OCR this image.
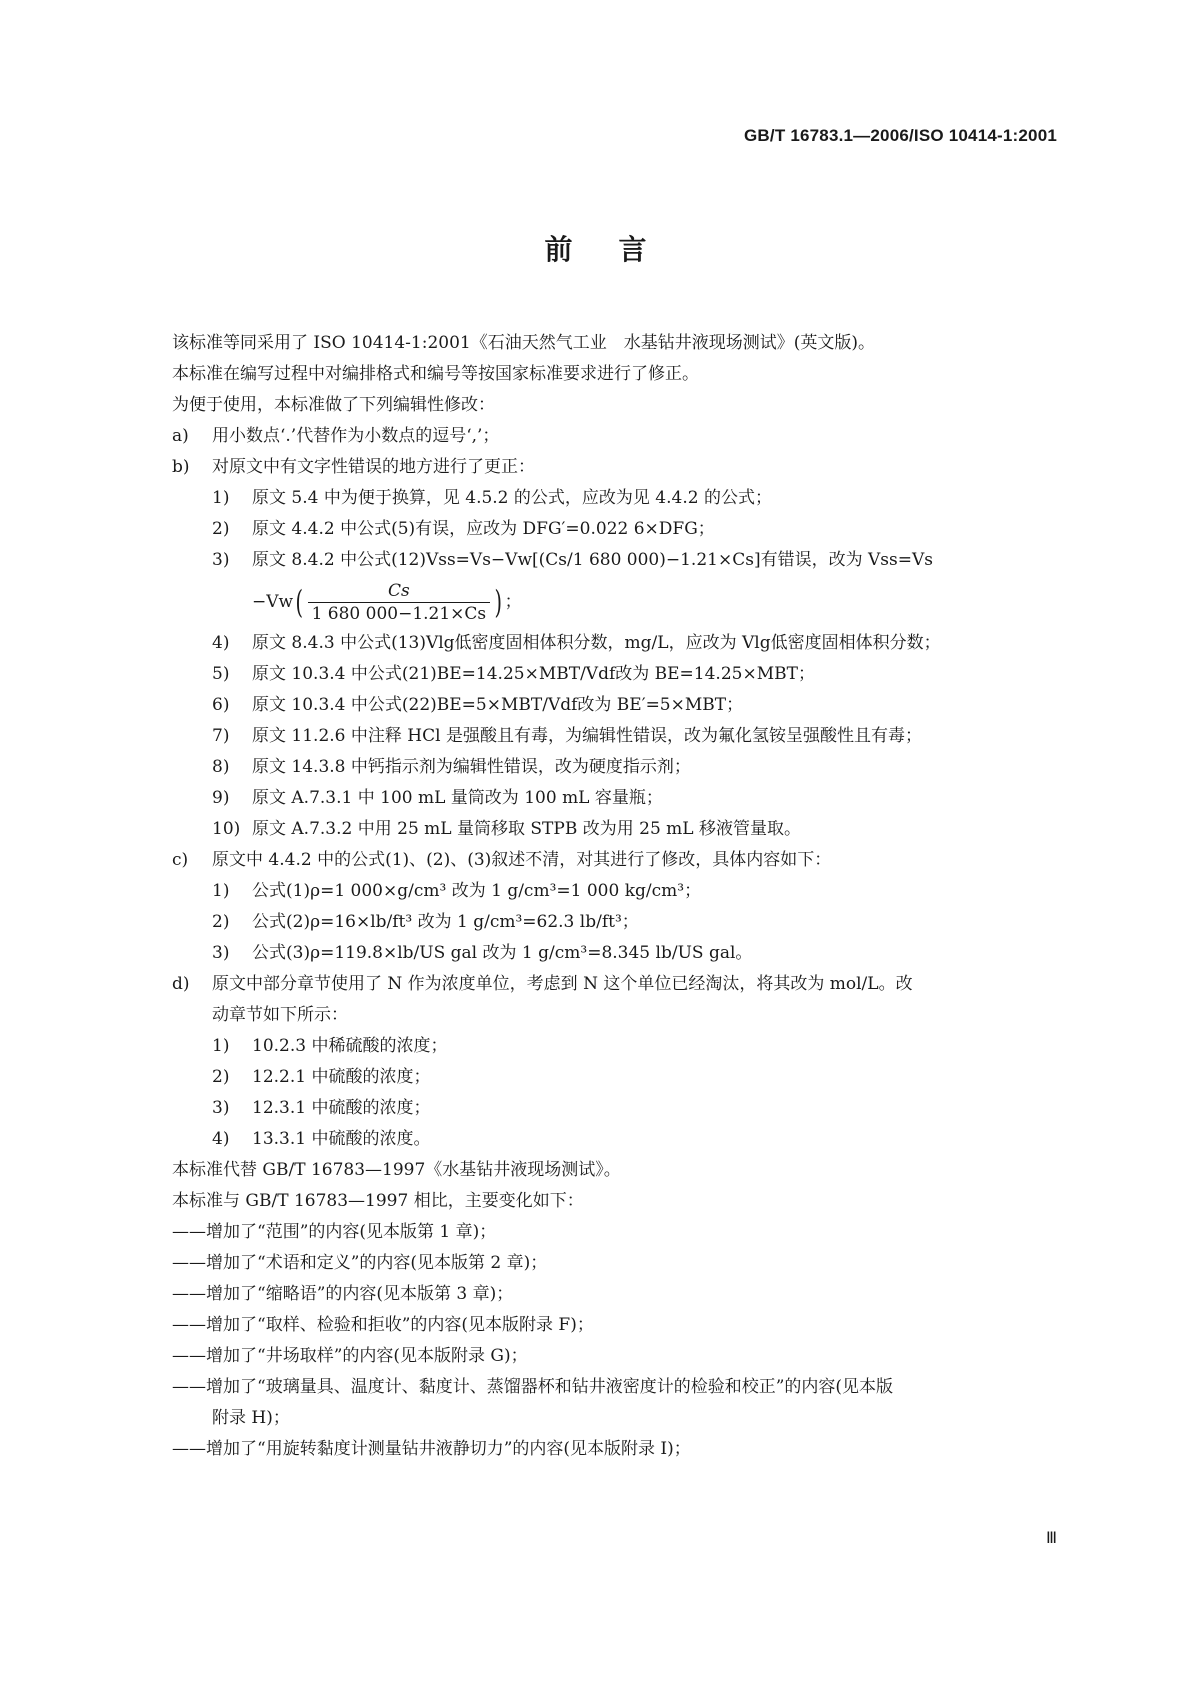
GB/T 16783.1—2006/ISO 10414-1:2001
前言
该标准等同采用了 ISO 10414-1:2001《石油天然气工业　水基钻井液现场测试》(英文版)。
本标准在编写过程中对编排格式和编号等按国家标准要求进行了修正。
为便于使用，本标准做了下列编辑性修改：
a) 用小数点‘.’代替作为小数点的逗号‘,’；
b) 对原文中有文字性错误的地方进行了更正：
1) 原文 5.4 中为便于换算，见 4.5.2 的公式，应改为见 4.4.2 的公式；
2) 原文 4.4.2 中公式(5)有误，应改为 DFG′=0.022 6×DFG；
3) 原文 8.4.2 中公式(12)Vss=Vs−Vw[(Cs/1 680 000)−1.21×Cs]有错误，改为 Vss=Vs
−Vw ( $\frac{Cs}{1 680 000-1.21\times Cs}$ ) ；
4) 原文 8.4.3 中公式(13)Vlg低密度固相体积分数，mg/L，应改为 Vlg低密度固相体积分数；
5) 原文 10.3.4 中公式(21)BE=14.25×MBT/Vdf改为 BE=14.25×MBT；
6) 原文 10.3.4 中公式(22)BE=5×MBT/Vdf改为 BE′=5×MBT；
7) 原文 11.2.6 中注释 HCl 是强酸且有毒，为编辑性错误，改为氟化氢铵呈强酸性且有毒；
8) 原文 14.3.8 中钙指示剂为编辑性错误，改为硬度指示剂；
9) 原文 A.7.3.1 中 100 mL 量筒改为 100 mL 容量瓶；
10) 原文 A.7.3.2 中用 25 mL 量筒移取 STPB 改为用 25 mL 移液管量取。
c) 原文中 4.4.2 中的公式(1)、(2)、(3)叙述不清，对其进行了修改，具体内容如下：
1) 公式(1)ρ=1 000×g/cm³ 改为 1 g/cm³=1 000 kg/cm³；
2) 公式(2)ρ=16×lb/ft³ 改为 1 g/cm³=62.3 lb/ft³；
3) 公式(3)ρ=119.8×lb/US gal 改为 1 g/cm³=8.345 lb/US gal。
d) 原文中部分章节使用了 N 作为浓度单位，考虑到 N 这个单位已经淘汰，将其改为 mol/L。改
动章节如下所示：
1) 10.2.3 中稀硫酸的浓度；
2) 12.2.1 中硫酸的浓度；
3) 12.3.1 中硫酸的浓度；
4) 13.3.1 中硫酸的浓度。
本标准代替 GB/T 16783—1997《水基钻井液现场测试》。
本标准与 GB/T 16783—1997 相比，主要变化如下：
——增加了“范围”的内容(见本版第 1 章)；
——增加了“术语和定义”的内容(见本版第 2 章)；
——增加了“缩略语”的内容(见本版第 3 章)；
——增加了“取样、检验和拒收”的内容(见本版附录 F)；
——增加了“井场取样”的内容(见本版附录 G)；
——增加了“玻璃量具、温度计、黏度计、蒸馏器杯和钻井液密度计的检验和校正”的内容(见本版
附录 H)；
——增加了“用旋转黏度计测量钻井液静切力”的内容(见本版附录 I)；
Ⅲ
